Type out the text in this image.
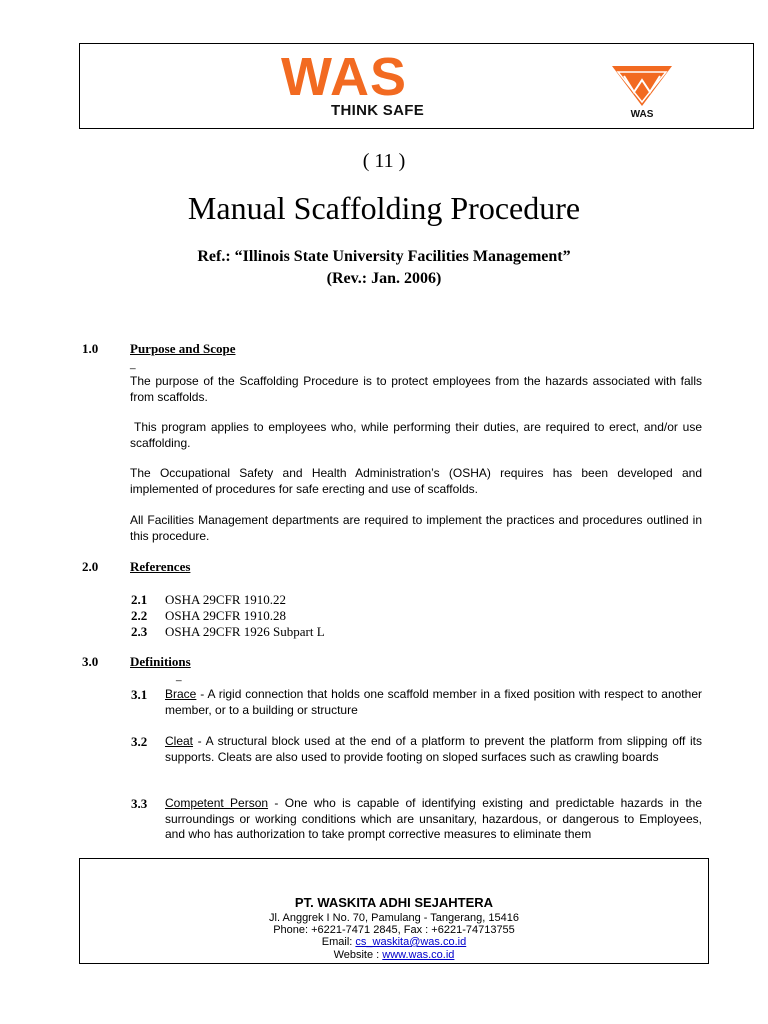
WAS
THINK SAFE	WAS
( 11 )
Manual Scaffolding Procedure
Ref.: “Illinois State University Facilities Management”
(Rev.: Jan. 2006)
1.0 Purpose and Scope
_
The purpose of the Scaffolding Procedure is to protect employees from the hazards associated with falls from scaffolds.
This program applies to employees who, while performing their duties, are required to erect, and/or use scaffolding.
The Occupational Safety and Health Administration’s (OSHA) requires has been developed and implemented of procedures for safe erecting and use of scaffolds.
All Facilities Management departments are required to implement the practices and procedures outlined in this procedure.
2.0 References
2.1 OSHA 29CFR 1910.22
2.2 OSHA 29CFR 1910.28
2.3 OSHA 29CFR 1926 Subpart L
3.0 Definitions
_
3.1 Brace - A rigid connection that holds one scaffold member in a fixed position with respect to another member, or to a building or structure
3.2 Cleat - A structural block used at the end of a platform to prevent the platform from slipping off its supports. Cleats are also used to provide footing on sloped surfaces such as crawling boards
3.3 Competent Person - One who is capable of identifying existing and predictable hazards in the surroundings or working conditions which are unsanitary, hazardous, or dangerous to Employees, and who has authorization to take prompt corrective measures to eliminate them
PT. WASKITA ADHI SEJAHTERA
Jl. Anggrek I No. 70, Pamulang - Tangerang, 15416
Phone: +6221-7471 2845, Fax : +6221-74713755
Email: cs_waskita@was.co.id
Website : www.was.co.id
